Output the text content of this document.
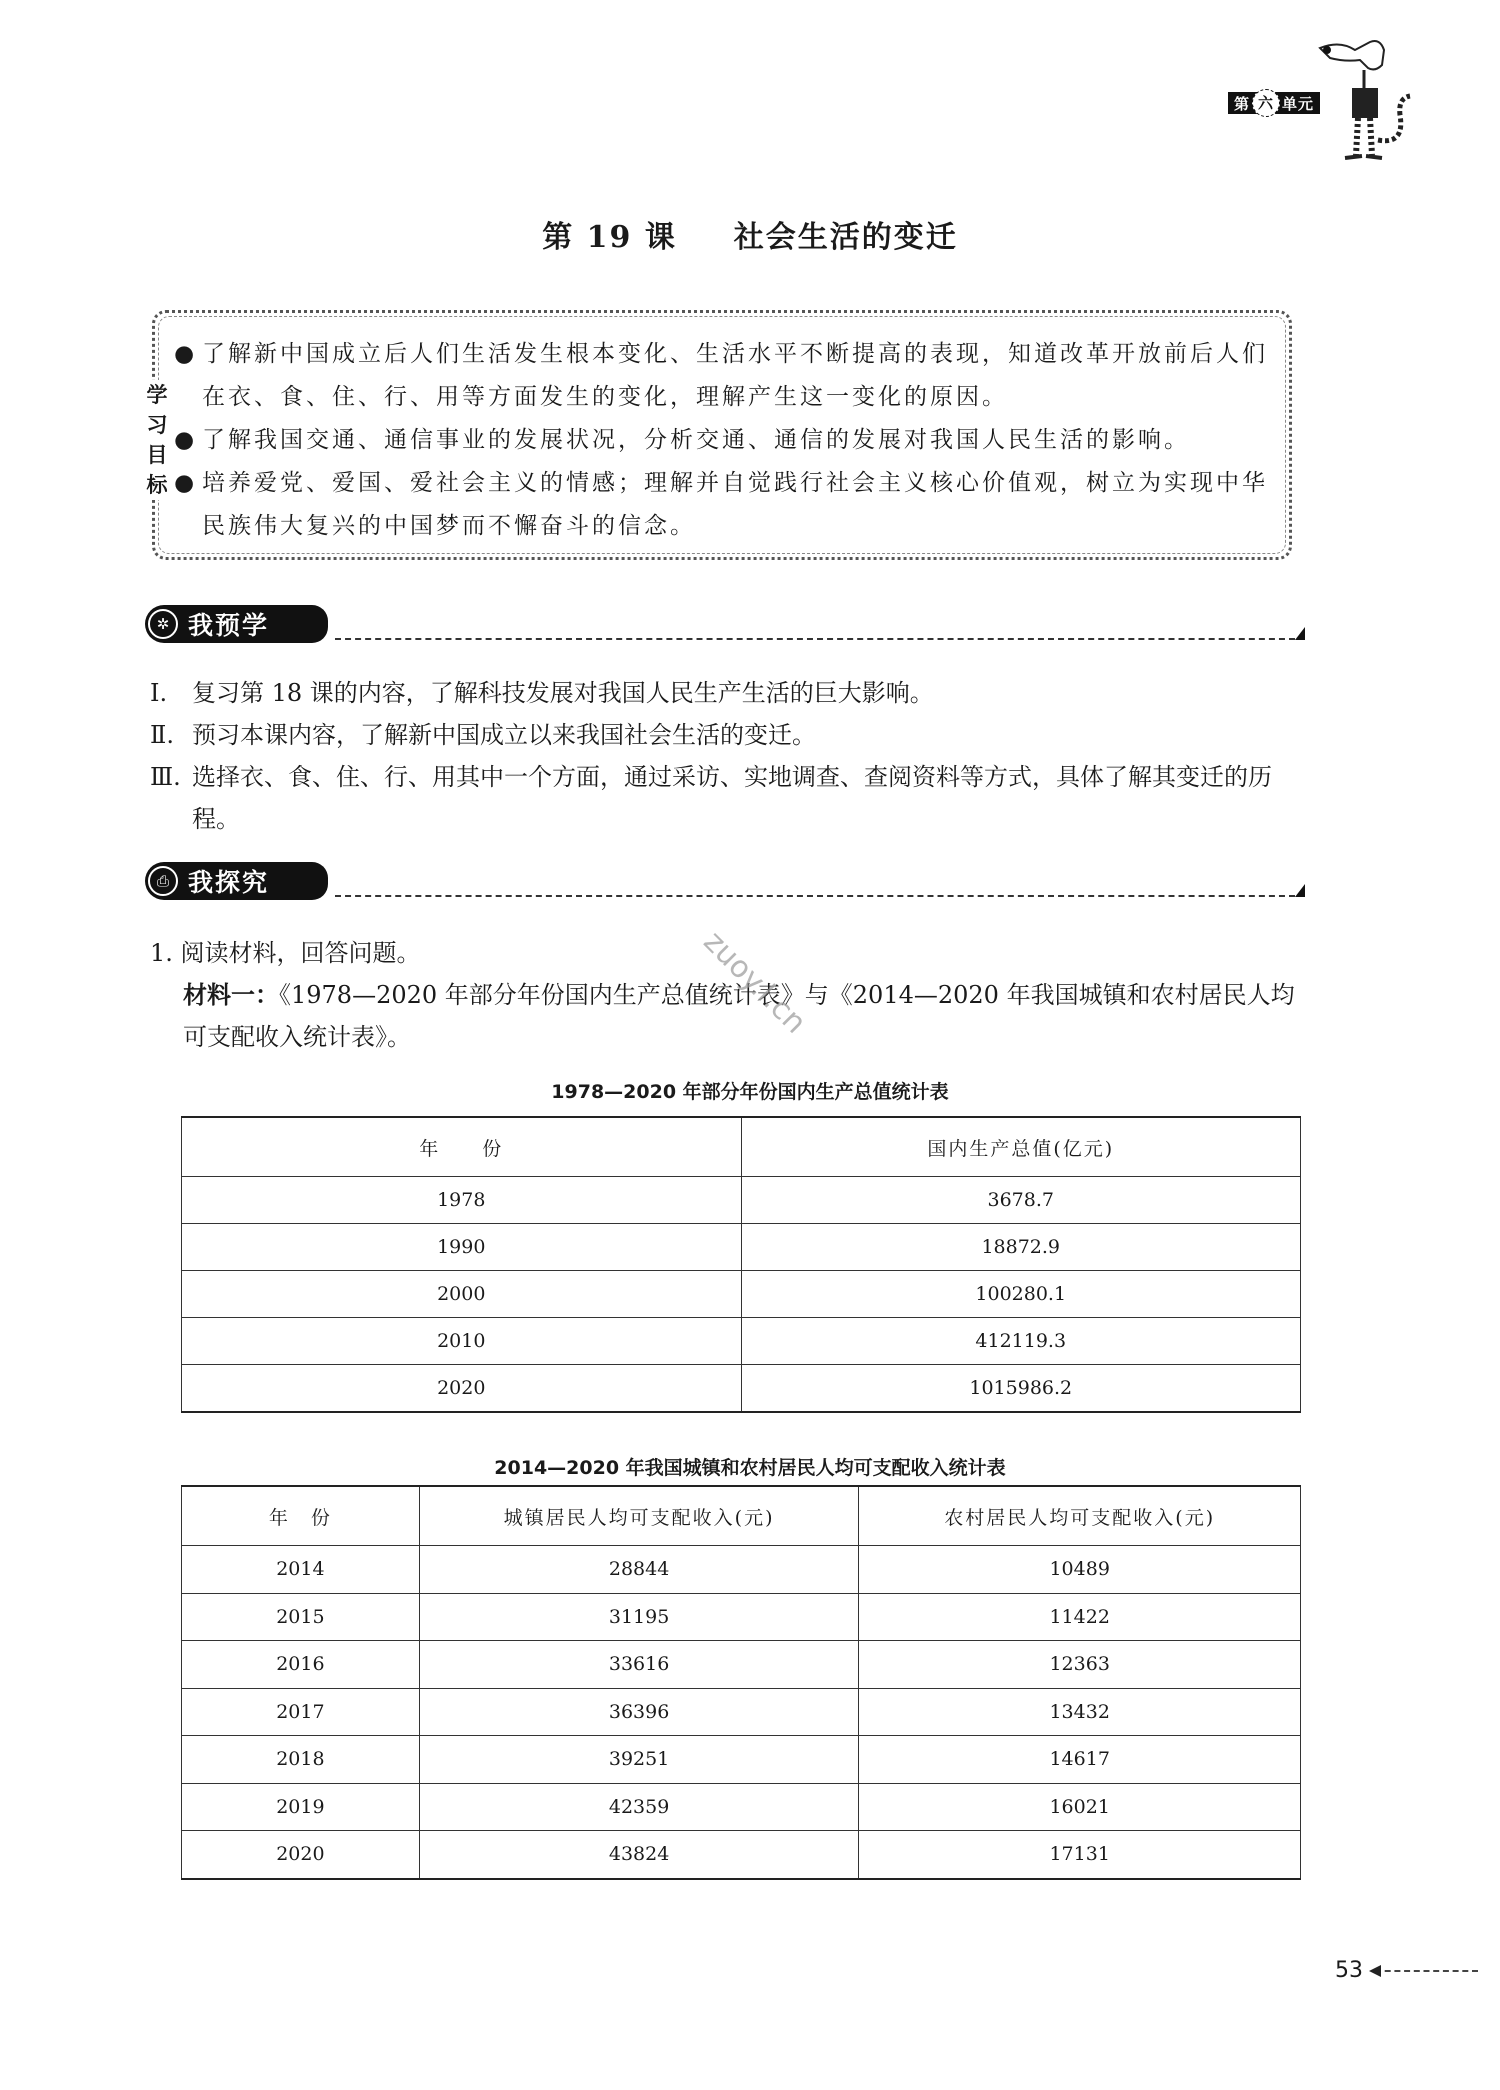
第 六 单元
第 19 课   社会生活的变迁
学
习
目
标
● 了解新中国成立后人们生活发生根本变化、生活水平不断提高的表现，知道改革开放前后人们在衣、食、住、行、用等方面发生的变化，理解产生这一变化的原因。
● 了解我国交通、通信事业的发展状况，分析交通、通信的发展对我国人民生活的影响。
● 培养爱党、爱国、爱社会主义的情感；理解并自觉践行社会主义核心价值观，树立为实现中华民族伟大复兴的中国梦而不懈奋斗的信念。
✲ 我预学
Ⅰ.	复习第 18 课的内容，了解科技发展对我国人民生产生活的巨大影响。
Ⅱ. 预习本课内容，了解新中国成立以来我国社会生活的变迁。
Ⅲ. 选择衣、食、住、行、用其中一个方面，通过采访、实地调查、查阅资料等方式，具体了解其变迁的历程。
⎙ 我探究
1. 阅读材料，回答问题。
材料一：《1978—2020 年部分年份国内生产总值统计表》与《2014—2020 年我国城镇和农村居民人均可支配收入统计表》。	zuoy.l.cn
1978—2020 年部分年份国内生产总值统计表
年　　份	国内生产总值(亿元)
1978	3678.7
1990	18872.9
2000	100280.1
2010	412119.3
2020	1015986.2
2014—2020 年我国城镇和农村居民人均可支配收入统计表
年　份	城镇居民人均可支配收入(元)	农村居民人均可支配收入(元)
2014	28844	10489
2015	31195	11422
2016	33616	12363
2017	36396	13432
2018	39251	14617
2019	42359	16021
2020	43824	17131
53
